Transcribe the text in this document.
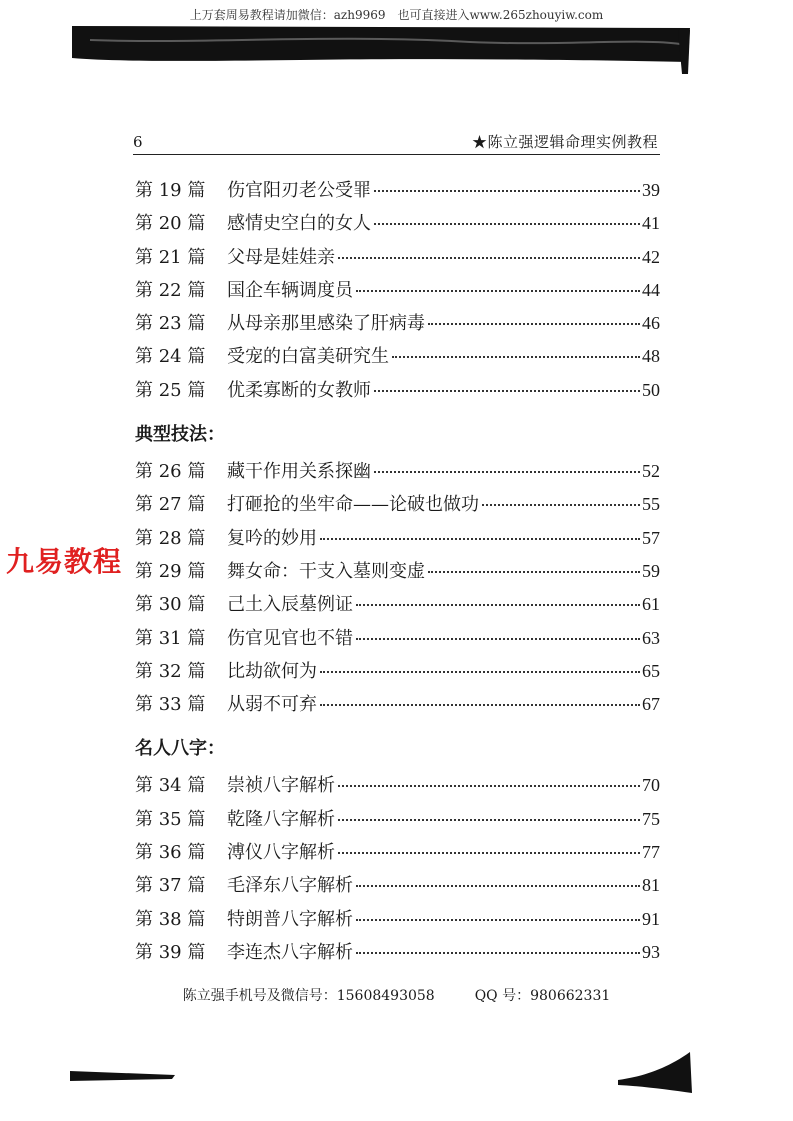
上万套周易教程请加微信：azh9969　也可直接进入www.265zhouyiw.com
6	★陈立强逻辑命理实例教程
第 19 篇	伤官阳刃老公受罪	39
第 20 篇	感情史空白的女人	41
第 21 篇	父母是娃娃亲	42
第 22 篇	国企车辆调度员	44
第 23 篇	从母亲那里感染了肝病毒	46
第 24 篇	受宠的白富美研究生	48
第 25 篇	优柔寡断的女教师	50
典型技法：
第 26 篇	藏干作用关系探幽	52
第 27 篇	打砸抢的坐牢命——论破也做功	55
第 28 篇	复吟的妙用	57
第 29 篇	舞女命：干支入墓则变虚	59
第 30 篇	己土入辰墓例证	61
第 31 篇	伤官见官也不错	63
第 32 篇	比劫欲何为	65
第 33 篇	从弱不可弃	67
名人八字：
第 34 篇	崇祯八字解析	70
第 35 篇	乾隆八字解析	75
第 36 篇	溥仪八字解析	77
第 37 篇	毛泽东八字解析	81
第 38 篇	特朗普八字解析	91
第 39 篇	李连杰八字解析	93
九易教程
陈立强手机号及微信号：15608493058	QQ 号：980662331
